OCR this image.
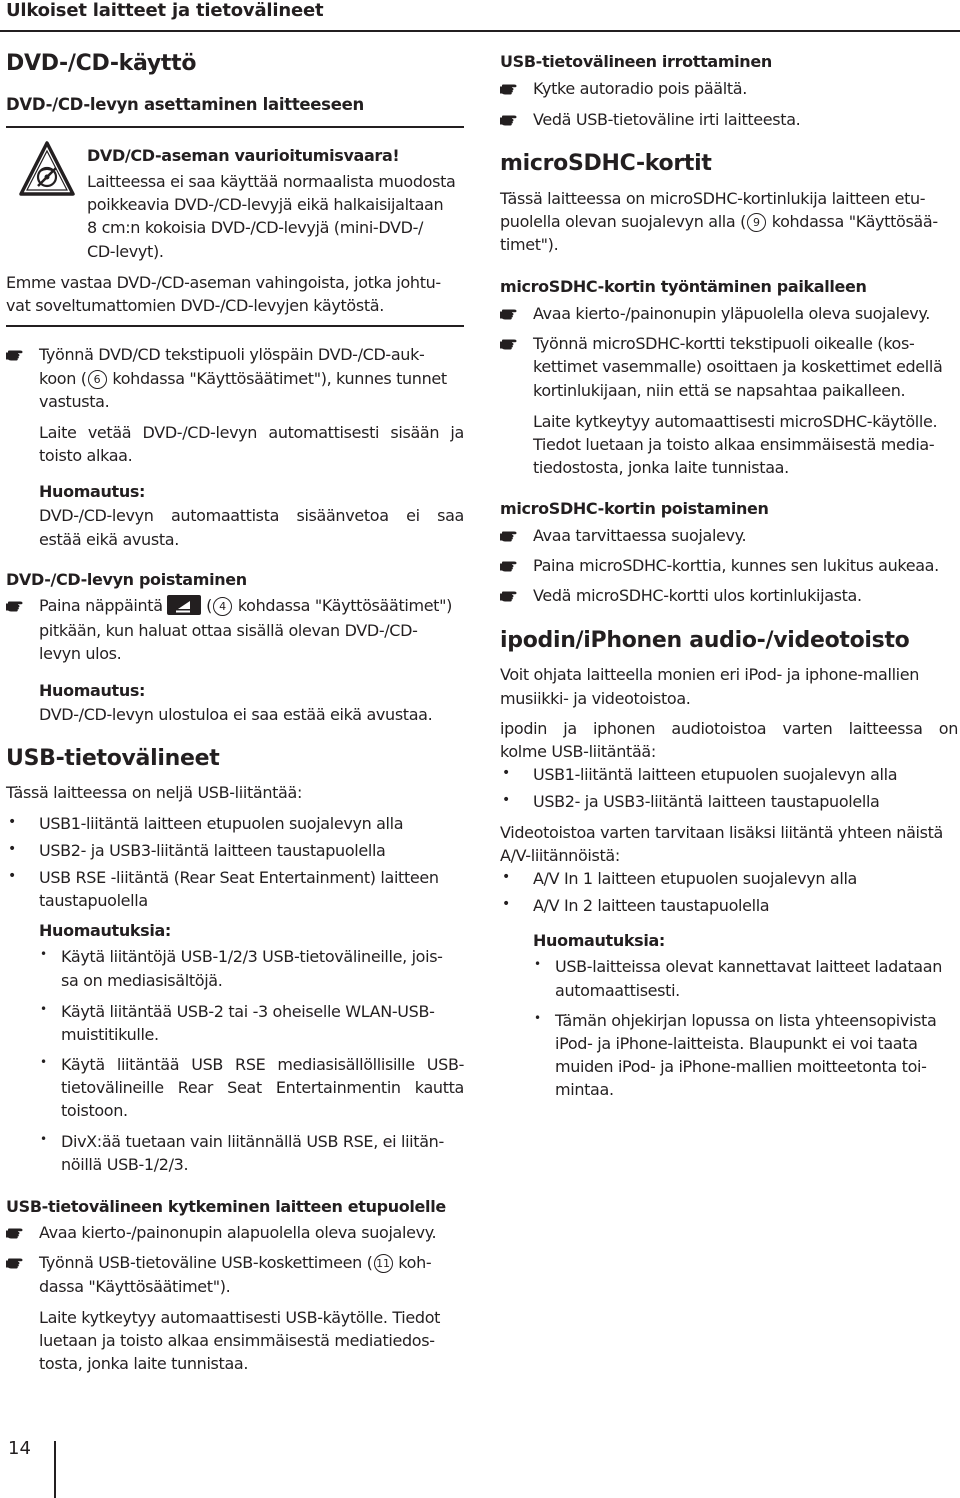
Ulkoiset laitteet ja tietovälineet
DVD-/CD-käyttö
DVD-/CD-levyn asettaminen laitteeseen
DVD/CD-aseman vaurioitumisvaara!
Laitteessa ei saa käyttää normaalista muodosta
poikkeavia DVD-/CD-levyjä eikä halkaisijaltaan
8 cm:n kokoisia DVD-/CD-levyjä (mini-DVD-/
CD-levyt).
Emme vastaa DVD-/CD-aseman vahingoista, jotka johtu-
vat soveltumattomien DVD-/CD-levyjen käytöstä.
Työnnä DVD/CD tekstipuoli ylöspäin DVD-/CD-auk-
koon ( 6 kohdassa "Käyttösäätimet"), kunnes tunnet
vastusta.
Laite vetää DVD-/CD-levyn automattisesti sisään ja
toisto alkaa.
Huomautus:
DVD-/CD-levyn automaattista sisäänvetoa ei saa
estää eikä avusta.
DVD-/CD-levyn poistaminen
Paina näppäintä
( 4 kohdassa "Käyttösäätimet")
pitkään, kun haluat ottaa sisällä olevan DVD-/CD-
levyn ulos.
Huomautus:
DVD-/CD-levyn ulostuloa ei saa estää eikä avustaa.
USB-tietovälineet
Tässä laitteessa on neljä USB-liitäntää:
• USB1-liitäntä laitteen etupuolen suojalevyn alla
• USB2- ja USB3-liitäntä laitteen taustapuolella
• USB RSE -liitäntä (Rear Seat Entertainment) laitteen
taustapuolella
Huomautuksia:
• Käytä liitäntöjä USB-1/2/3 USB-tietovälineille, jois-
sa on mediasisältöjä.
• Käytä liitäntää USB-2 tai -3 oheiselle WLAN-USB-
muistitikulle.
• Käytä liitäntää USB RSE mediasisällöllisille USB-
tietovälineille Rear Seat Entertainmentin kautta
toistoon.
• DivX:ää tuetaan vain liitännällä USB RSE, ei liitän-
nöillä USB-1/2/3.
USB-tietovälineen kytkeminen laitteen etupuolelle
Avaa kierto-/painonupin alapuolella oleva suojalevy.
Työnnä USB-tietoväline USB-koskettimeen ( 11 koh-
dassa "Käyttösäätimet").
Laite kytkeytyy automaattisesti USB-käytölle. Tiedot
luetaan ja toisto alkaa ensimmäisestä mediatiedos-
tosta, jonka laite tunnistaa.
USB-tietovälineen irrottaminen
Kytke autoradio pois päältä.
Vedä USB-tietoväline irti laitteesta.
microSDHC-kortit
Tässä laitteessa on microSDHC-kortinlukija laitteen etu-
puolella olevan suojalevyn alla ( 9 kohdassa "Käyttösää-
timet").
microSDHC-kortin työntäminen paikalleen
Avaa kierto-/painonupin yläpuolella oleva suojalevy.
Työnnä microSDHC-kortti tekstipuoli oikealle (kos-
kettimet vasemmalle) osoittaen ja koskettimet edellä
kortinlukijaan, niin että se napsahtaa paikalleen.
Laite kytkeytyy automaattisesti microSDHC-käytölle.
Tiedot luetaan ja toisto alkaa ensimmäisestä media-
tiedostosta, jonka laite tunnistaa.
microSDHC-kortin poistaminen
Avaa tarvittaessa suojalevy.
Paina microSDHC-korttia, kunnes sen lukitus aukeaa.
Vedä microSDHC-kortti ulos kortinlukijasta.
ipodin/iPhonen audio-/videotoisto
Voit ohjata laitteella monien eri iPod- ja iphone-mallien
musiikki- ja videotoistoa.
ipodin ja iphonen audiotoistoa varten laitteessa on
kolme USB-liitäntää:
• USB1-liitäntä laitteen etupuolen suojalevyn alla
• USB2- ja USB3-liitäntä laitteen taustapuolella
Videotoistoa varten tarvitaan lisäksi liitäntä yhteen näistä
A/V-liitännöistä:
• A/V In 1 laitteen etupuolen suojalevyn alla
• A/V In 2 laitteen taustapuolella
Huomautuksia:
• USB-laitteissa olevat kannettavat laitteet ladataan
automaattisesti.
• Tämän ohjekirjan lopussa on lista yhteensopivista
iPod- ja iPhone-laitteista. Blaupunkt ei voi taata
muiden iPod- ja iPhone-mallien moitteetonta toi-
mintaa.
14
